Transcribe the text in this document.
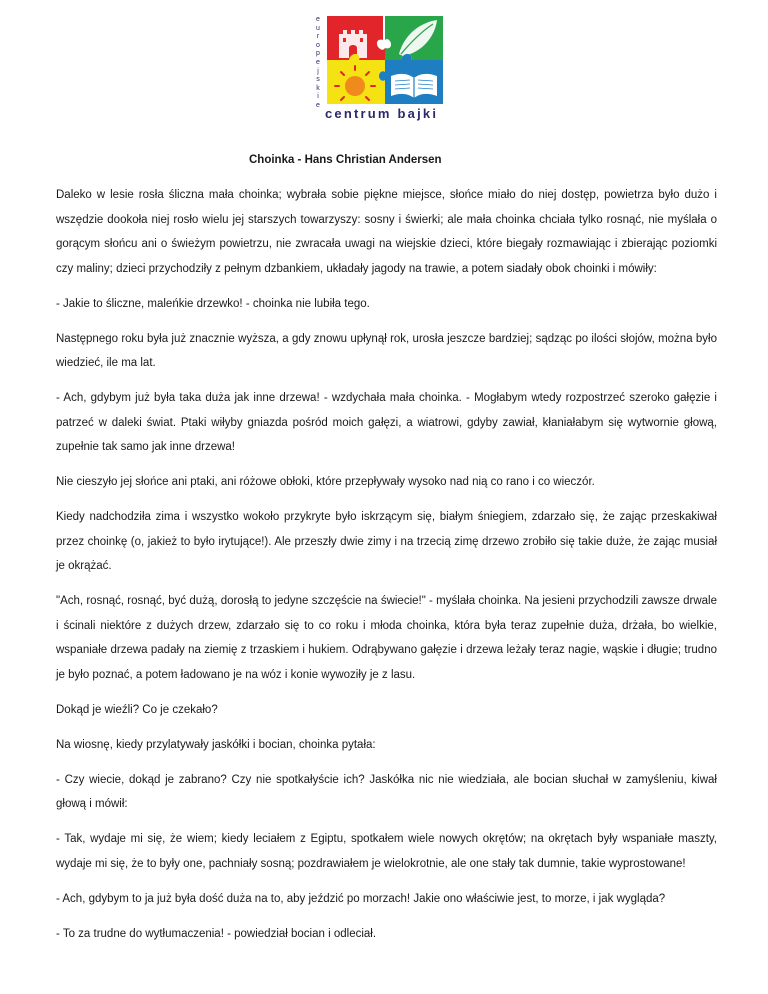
e
u
r
o
p
e
j
s
k
i
e
centrum bajki
Choinka - Hans Christian Andersen

Daleko w lesie rosła śliczna mała choinka; wybrała sobie piękne miejsce, słońce miało do niej dostęp, powietrza było dużo i wszędzie dookoła niej rosło wielu jej starszych towarzyszy: sosny i świerki; ale mała choinka chciała tylko rosnąć, nie myślała o gorącym słońcu ani o świeżym powietrzu, nie zwracała uwagi na wiejskie dzieci, które biegały rozmawiając i zbierając poziomki czy maliny; dzieci przychodziły z pełnym dzbankiem, układały jagody na trawie, a potem siadały obok choinki i mówiły:

- Jakie to śliczne, maleńkie drzewko! - choinka nie lubiła tego.

Następnego roku była już znacznie wyższa, a gdy znowu upłynął rok, urosła jeszcze bardziej; sądząc po ilości słojów, można było wiedzieć, ile ma lat.

- Ach, gdybym już była taka duża jak inne drzewa! - wzdychała mała choinka. - Mogłabym wtedy rozpostrzeć szeroko gałęzie i patrzeć w daleki świat. Ptaki wiłyby gniazda pośród moich gałęzi, a wiatrowi, gdyby zawiał, kłaniałabym się wytwornie głową, zupełnie tak samo jak inne drzewa!

Nie cieszyło jej słońce ani ptaki, ani różowe obłoki, które przepływały wysoko nad nią co rano i co wieczór.

Kiedy nadchodziła zima i wszystko wokoło przykryte było iskrzącym się, białym śniegiem, zdarzało się, że zając przeskakiwał przez choinkę (o, jakież to było irytujące!). Ale przeszły dwie zimy i na trzecią zimę drzewo zrobiło się takie duże, że zając musiał je okrążać.

"Ach, rosnąć, rosnąć, być dużą, dorosłą to jedyne szczęście na świecie!" - myślała choinka. Na jesieni przychodzili zawsze drwale i ścinali niektóre z dużych drzew, zdarzało się to co roku i młoda choinka, która była teraz zupełnie duża, drżała, bo wielkie, wspaniałe drzewa padały na ziemię z trzaskiem i hukiem. Odrąbywano gałęzie i drzewa leżały teraz nagie, wąskie i długie; trudno je było poznać, a potem ładowano je na wóz i konie wywoziły je z lasu.

Dokąd je wieźli? Co je czekało?

Na wiosnę, kiedy przylatywały jaskółki i bocian, choinka pytała:

- Czy wiecie, dokąd je zabrano? Czy nie spotkałyście ich? Jaskółka nic nie wiedziała, ale bocian słuchał w zamyśleniu, kiwał głową i mówił:

- Tak, wydaje mi się, że wiem; kiedy leciałem z Egiptu, spotkałem wiele nowych okrętów; na okrętach były wspaniałe maszty, wydaje mi się, że to były one, pachniały sosną; pozdrawiałem je wielokrotnie, ale one stały tak dumnie, takie wyprostowane!

- Ach, gdybym to ja już była dość duża na to, aby jeździć po morzach! Jakie ono właściwie jest, to morze, i jak wygląda?

- To za trudne do wytłumaczenia! - powiedział bocian i odleciał.
